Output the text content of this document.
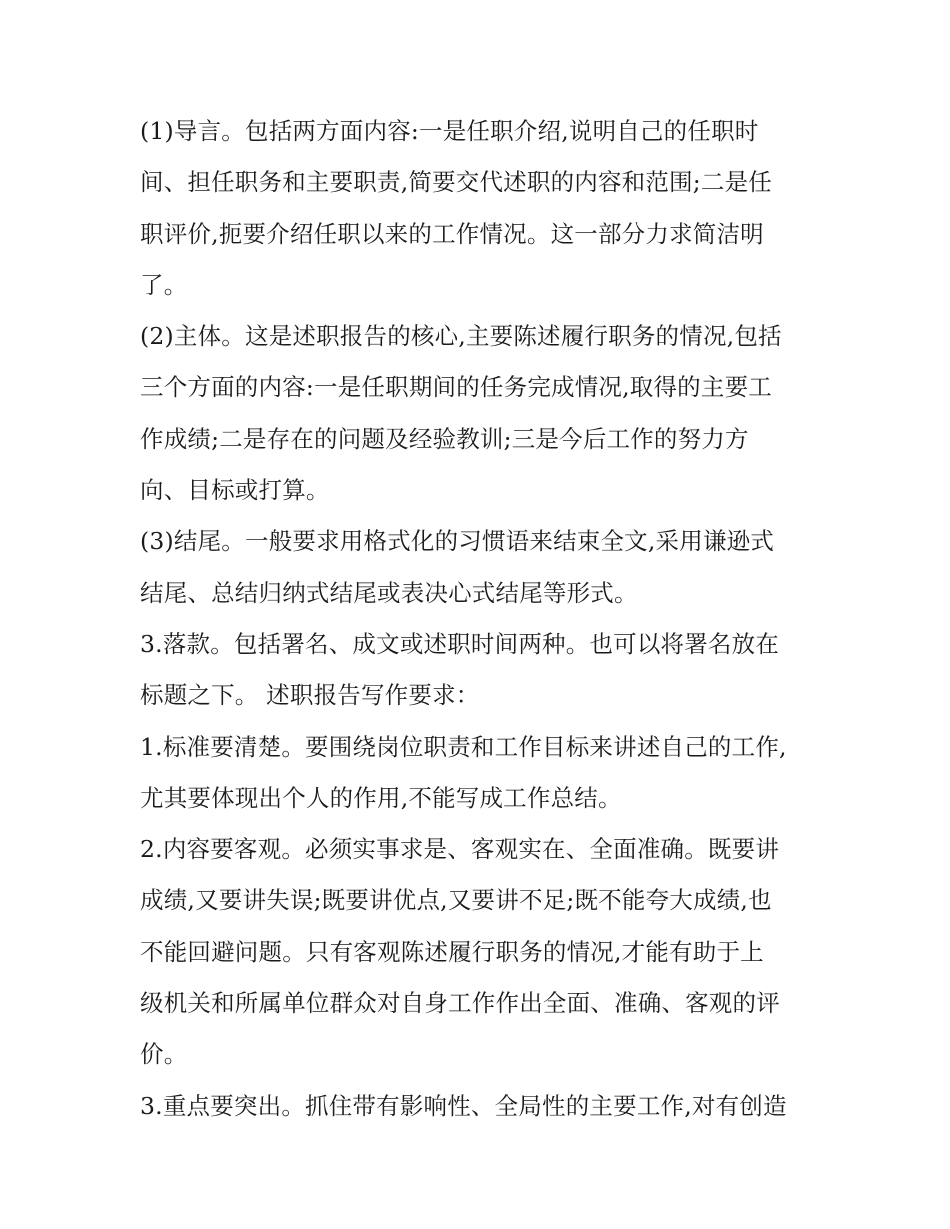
(1)导言。包括两方面内容:一是任职介绍,说明自己的任职时
间、担任职务和主要职责,简要交代述职的内容和范围;二是任
职评价,扼要介绍任职以来的工作情况。这一部分力求简洁明
了。
(2)主体。这是述职报告的核心,主要陈述履行职务的情况,包括
三个方面的内容:一是任职期间的任务完成情况,取得的主要工
作成绩;二是存在的问题及经验教训;三是今后工作的努力方
向、目标或打算。
(3)结尾。一般要求用格式化的习惯语来结束全文,采用谦逊式
结尾、总结归纳式结尾或表决心式结尾等形式。
3.落款。包括署名、成文或述职时间两种。也可以将署名放在
标题之下。 述职报告写作要求：
1.标准要清楚。要围绕岗位职责和工作目标来讲述自己的工作,
尤其要体现出个人的作用,不能写成工作总结。
2.内容要客观。必须实事求是、客观实在、全面准确。既要讲
成绩,又要讲失误;既要讲优点,又要讲不足;既不能夸大成绩,也
不能回避问题。只有客观陈述履行职务的情况,才能有助于上
级机关和所属单位群众对自身工作作出全面、准确、客观的评
价。
3.重点要突出。抓住带有影响性、全局性的主要工作,对有创造
